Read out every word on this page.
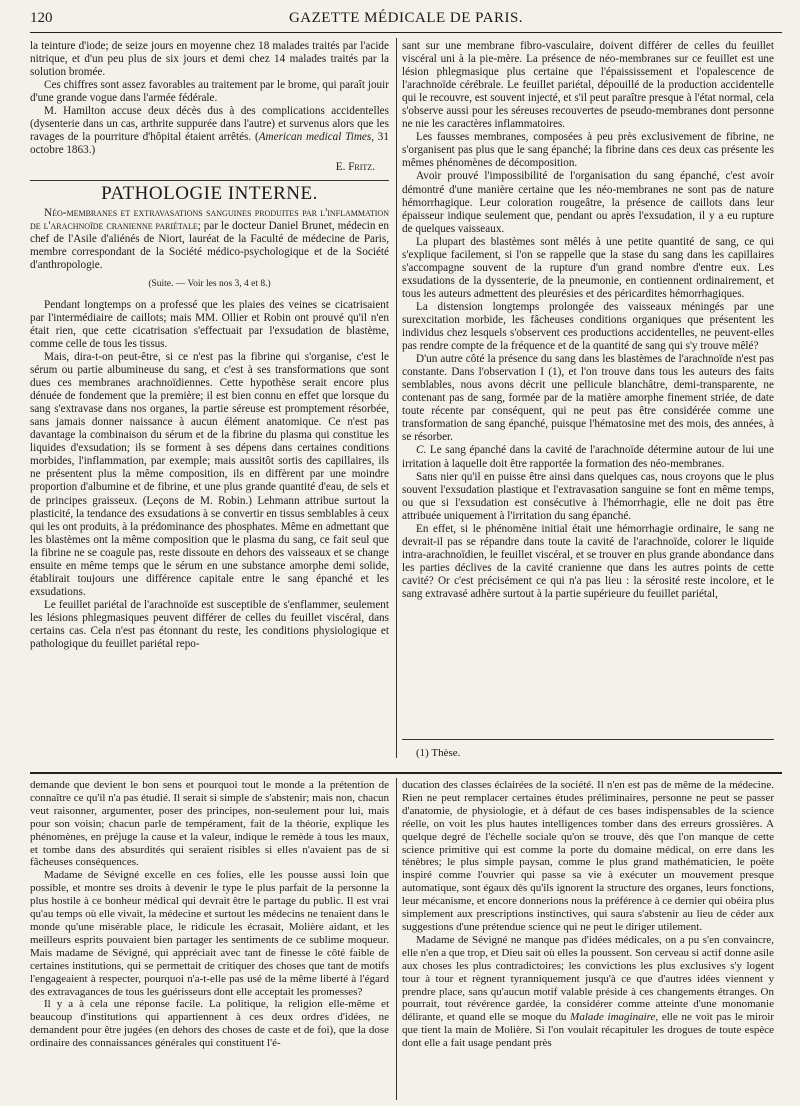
120	GAZETTE MÉDICALE DE PARIS.

la teinture d'iode; de seize jours en moyenne chez 18 malades traités par l'acide nitrique, et d'un peu plus de six jours et demi chez 14 malades traités par la solution bromée.

Ces chiffres sont assez favorables au traitement par le brome, qui paraît jouir d'une grande vogue dans l'armée fédérale.

M. Hamilton accuse deux décès dus à des complications accidentelles (dysenterie dans un cas, arthrite suppurée dans l'autre) et survenus alors que les ravages de la pourriture d'hôpital étaient arrêtés. (American medical Times, 31 octobre 1863.)

E. Fritz.
PATHOLOGIE INTERNE.

Néo-membranes et extravasations sanguines produites par l'inflammation de l'arachnoïde cranienne pariétale; par le docteur Daniel Brunet, médecin en chef de l'Asile d'aliénés de Niort, lauréat de la Faculté de médecine de Paris, membre correspondant de la Société médico-psychologique et de la Société d'anthropologie.

(Suite. — Voir les nos 3, 4 et 8.)

Pendant longtemps on a professé que les plaies des veines se cicatrisaient par l'intermédiaire de caillots; mais MM. Ollier et Robin ont prouvé qu'il n'en était rien, que cette cicatrisation s'effectuait par l'exsudation de blastème, comme celle de tous les tissus.

Mais, dira-t-on peut-être, si ce n'est pas la fibrine qui s'organise, c'est le sérum ou partie albumineuse du sang, et c'est à ses transformations que sont dues ces membranes arachnoïdiennes. Cette hypothèse serait encore plus dénuée de fondement que la première; il est bien connu en effet que lorsque du sang s'extravase dans nos organes, la partie séreuse est promptement résorbée, sans jamais donner naissance à aucun élément anatomique. Ce n'est pas davantage la combinaison du sérum et de la fibrine du plasma qui constitue les liquides d'exsudation; ils se forment à ses dépens dans certaines conditions morbides, l'inflammation, par exemple; mais aussitôt sortis des capillaires, ils ne présentent plus la même composition, ils en diffèrent par une moindre proportion d'albumine et de fibrine, et une plus grande quantité d'eau, de sels et de principes graisseux. (Leçons de M. Robin.) Lehmann attribue surtout la plasticité, la tendance des exsudations à se convertir en tissus semblables à ceux qui les ont produits, à la prédominance des phosphates. Même en admettant que les blastèmes ont la même composition que le plasma du sang, ce fait seul que la fibrine ne se coagule pas, reste dissoute en dehors des vaisseaux et se change ensuite en même temps que le sérum en une substance amorphe demi solide, établirait toujours une différence capitale entre le sang épanché et les exsudations.

Le feuillet pariétal de l'arachnoïde est susceptible de s'enflammer, seulement les lésions phlegmasiques peuvent différer de celles du feuillet viscéral, dans certains cas. Cela n'est pas étonnant du reste, les conditions physiologique et pathologique du feuillet pariétal repo-

sant sur une membrane fibro-vasculaire, doivent différer de celles du feuillet viscéral uni à la pie-mère. La présence de néo-membranes sur ce feuillet est une lésion phlegmasique plus certaine que l'épaississement et l'opalescence de l'arachnoïde cérébrale. Le feuillet pariétal, dépouillé de la production accidentelle qui le recouvre, est souvent injecté, et s'il peut paraître presque à l'état normal, cela s'observe aussi pour les séreuses recouvertes de pseudo-membranes dont personne ne nie les caractères inflammatoires.

Les fausses membranes, composées à peu près exclusivement de fibrine, ne s'organisent pas plus que le sang épanché; la fibrine dans ces deux cas présente les mêmes phénomènes de décomposition.

Avoir prouvé l'impossibilité de l'organisation du sang épanché, c'est avoir démontré d'une manière certaine que les néo-membranes ne sont pas de nature hémorrhagique. Leur coloration rougeâtre, la présence de caillots dans leur épaisseur indique seulement que, pendant ou après l'exsudation, il y a eu rupture de quelques vaisseaux.

La plupart des blastèmes sont mêlés à une petite quantité de sang, ce qui s'explique facilement, si l'on se rappelle que la stase du sang dans les capillaires s'accompagne souvent de la rupture d'un grand nombre d'entre eux. Les exsudations de la dyssenterie, de la pneumonie, en contiennent ordinairement, et tous les auteurs admettent des pleurésies et des péricardites hémorrhagiques.

La distension longtemps prolongée des vaisseaux méningés par une surexcitation morbide, les fâcheuses conditions organiques que présentent les individus chez lesquels s'observent ces productions accidentelles, ne peuvent-elles pas rendre compte de la fréquence et de la quantité de sang qui s'y trouve mêlé?

D'un autre côté la présence du sang dans les blastèmes de l'arachnoïde n'est pas constante. Dans l'observation I (1), et l'on trouve dans tous les auteurs des faits semblables, nous avons décrit une pellicule blanchâtre, demi-transparente, ne contenant pas de sang, formée par de la matière amorphe finement striée, de date toute récente par conséquent, qui ne peut pas être considérée comme une transformation de sang épanché, puisque l'hématosine met des mois, des années, à se résorber.

C. Le sang épanché dans la cavité de l'arachnoïde détermine autour de lui une irritation à laquelle doit être rapportée la formation des néo-membranes.

Sans nier qu'il en puisse être ainsi dans quelques cas, nous croyons que le plus souvent l'exsudation plastique et l'extravasation sanguine se font en même temps, ou que si l'exsudation est consécutive à l'hémorrhagie, elle ne doit pas être attribuée uniquement à l'irritation du sang épanché.

En effet, si le phénomène initial était une hémorrhagie ordinaire, le sang ne devrait-il pas se répandre dans toute la cavité de l'arachnoïde, colorer le liquide intra-arachnoïdien, le feuillet viscéral, et se trouver en plus grande abondance dans les parties déclives de la cavité cranienne que dans les autres points de cette cavité? Or c'est précisément ce qui n'a pas lieu : la sérosité reste incolore, et le sang extravasé adhère surtout à la partie supérieure du feuillet pariétal,

(1) Thèse.

demande que devient le bon sens et pourquoi tout le monde a la prétention de connaître ce qu'il n'a pas étudié. Il serait si simple de s'abstenir; mais non, chacun veut raisonner, argumenter, poser des principes, non-seulement pour lui, mais pour son voisin; chacun parle de tempérament, fait de la théorie, explique les phénomènes, en préjuge la cause et la valeur, indique le remède à tous les maux, et tombe dans des absurdités qui seraient risibles si elles n'avaient pas de si fâcheuses conséquences.

Madame de Sévigné excelle en ces folies, elle les pousse aussi loin que possible, et montre ses droits à devenir le type le plus parfait de la personne la plus hostile à ce bonheur médical qui devrait être le partage du public. Il est vrai qu'au temps où elle vivait, la médecine et surtout les médecins ne tenaient dans le monde qu'une misérable place, le ridicule les écrasait, Molière aidant, et les meilleurs esprits pouvaient bien partager les sentiments de ce sublime moqueur. Mais madame de Sévigné, qui appréciait avec tant de finesse le côté faible de certaines institutions, qui se permettait de critiquer des choses que tant de motifs l'engageaient à respecter, pourquoi n'a-t-elle pas usé de la même liberté à l'égard des extravagances de tous les guérisseurs dont elle acceptait les promesses?

Il y a à cela une réponse facile. La politique, la religion elle-même et beaucoup d'institutions qui appartiennent à ces deux ordres d'idées, ne demandent pour être jugées (en dehors des choses de caste et de foi), que la dose ordinaire des connaissances générales qui constituent l'é-

ducation des classes éclairées de la société. Il n'en est pas de même de la médecine. Rien ne peut remplacer certaines études préliminaires, personne ne peut se passer d'anatomie, de physiologie, et à défaut de ces bases indispensables de la science réelle, on voit les plus hautes intelligences tomber dans des erreurs grossières. A quelque degré de l'échelle sociale qu'on se trouve, dès que l'on manque de cette science primitive qui est comme la porte du domaine médical, on erre dans les ténèbres; le plus simple paysan, comme le plus grand mathématicien, le poëte inspiré comme l'ouvrier qui passe sa vie à exécuter un mouvement presque automatique, sont égaux dès qu'ils ignorent la structure des organes, leurs fonctions, leur mécanisme, et encore donnerions nous la préférence à ce dernier qui obéira plus simplement aux prescriptions instinctives, qui saura s'abstenir au lieu de céder aux suggestions d'une prétendue science qui ne peut le diriger utilement.

Madame de Sévigné ne manque pas d'idées médicales, on a pu s'en convaincre, elle n'en a que trop, et Dieu sait où elles la poussent. Son cerveau si actif donne asile aux choses les plus contradictoires; les convictions les plus exclusives s'y logent tour à tour et règnent tyranniquement jusqu'à ce que d'autres idées viennent y prendre place, sans qu'aucun motif valable préside à ces changements étranges. On pourrait, tout révérence gardée, la considérer comme atteinte d'une monomanie délirante, et quand elle se moque du Malade imaginaire, elle ne voit pas le miroir que tient la main de Molière. Si l'on voulait récapituler les drogues de toute espèce dont elle a fait usage pendant près
